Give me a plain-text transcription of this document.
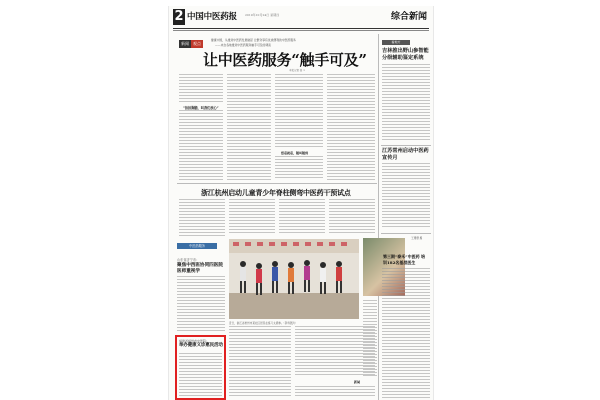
2 中国中医药报	2019年10月24日 星期四	综合新闻
新闻	观点
健康中国，从推进中医药发展做起 让群众享有优质便利的中医药服务
——来自各地推进中医药服务触手可及的调查
让中医药服务“触手可及”
本报记者 张 ×
“拍拍胸脯，叫我们放心”
想看就看，随叫随到
看地方
吉林推出野山参智能分级辅助鉴定系统
江苏常州启动中医药宣传月
浙江杭州启动儿童青少年脊柱侧弯中医药干预试点
中医药服务
山东省济宁市：
聚焦中西医协同四医院医师重视学
近日，浙江省杭州市某社区居民在练习太极拳。（资料图片）
新闻
王珊珊 摄
第三期“泰禾”中医药 培训182名基层医生
福建省福州市中医院：
举办健康义诊惠民活动
